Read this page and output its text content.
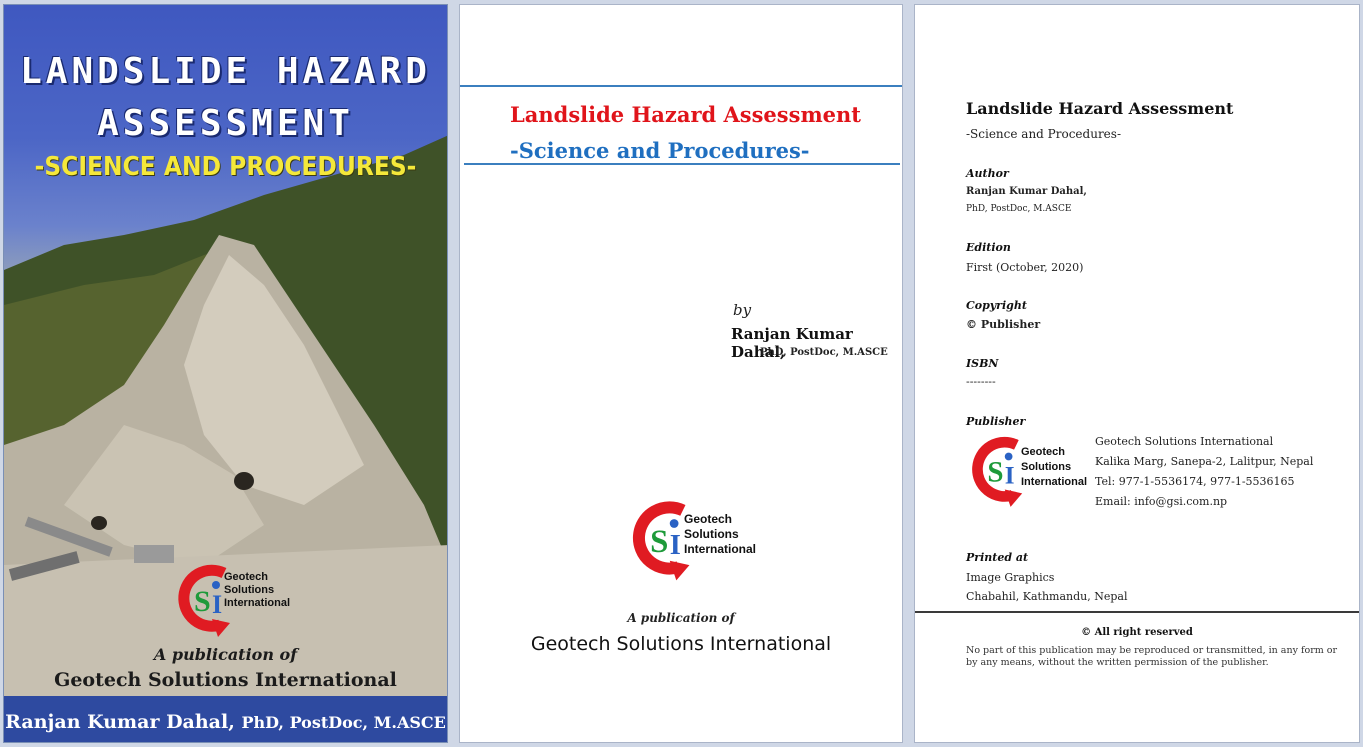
LANDSLIDE HAZARD
ASSESSMENT
-SCIENCE AND PROCEDURES-
S I
Geotech
Solutions
International
A publication of
Geotech Solutions International
Ranjan Kumar Dahal, PhD, PostDoc, M.ASCE
Landslide Hazard Assessment
-Science and Procedures-
by
Ranjan Kumar Dahal,
PhD, PostDoc, M.ASCE
S I
Geotech
Solutions
International
A publication of
Geotech Solutions International
Landslide Hazard Assessment
-Science and Procedures-
Author
Ranjan Kumar Dahal,
PhD, PostDoc, M.ASCE
Edition
First (October, 2020)
Copyright
© Publisher
ISBN
--------
Publisher
S I
Geotech
Solutions
International
Geotech Solutions International
Kalika Marg, Sanepa-2, Lalitpur, Nepal
Tel: 977-1-5536174, 977-1-5536165
Email: info@gsi.com.np
Printed at
Image Graphics
Chabahil, Kathmandu, Nepal
© All right reserved
No part of this publication may be reproduced or transmitted, in any form or by any means, without the written permission of the publisher.
